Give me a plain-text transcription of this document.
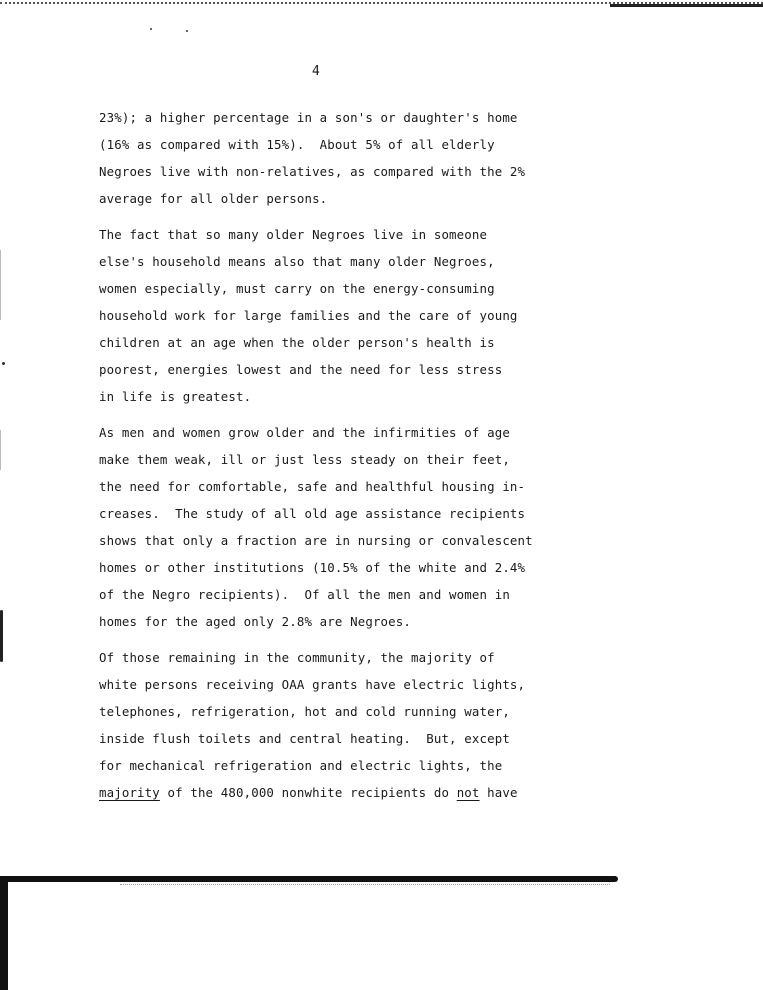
4
23%); a higher percentage in a son's or daughter's home
(16% as compared with 15%).  About 5% of all elderly
Negroes live with non-relatives, as compared with the 2%
average for all older persons.
The fact that so many older Negroes live in someone
else's household means also that many older Negroes,
women especially, must carry on the energy-consuming
household work for large families and the care of young
children at an age when the older person's health is
poorest, energies lowest and the need for less stress
in life is greatest.
As men and women grow older and the infirmities of age
make them weak, ill or just less steady on their feet,
the need for comfortable, safe and healthful housing in-
creases.  The study of all old age assistance recipients
shows that only a fraction are in nursing or convalescent
homes or other institutions (10.5% of the white and 2.4%
of the Negro recipients).  Of all the men and women in
homes for the aged only 2.8% are Negroes.
Of those remaining in the community, the majority of
white persons receiving OAA grants have electric lights,
telephones, refrigeration, hot and cold running water,
inside flush toilets and central heating.  But, except
for mechanical refrigeration and electric lights, the
majority of the 480,000 nonwhite recipients do not have
